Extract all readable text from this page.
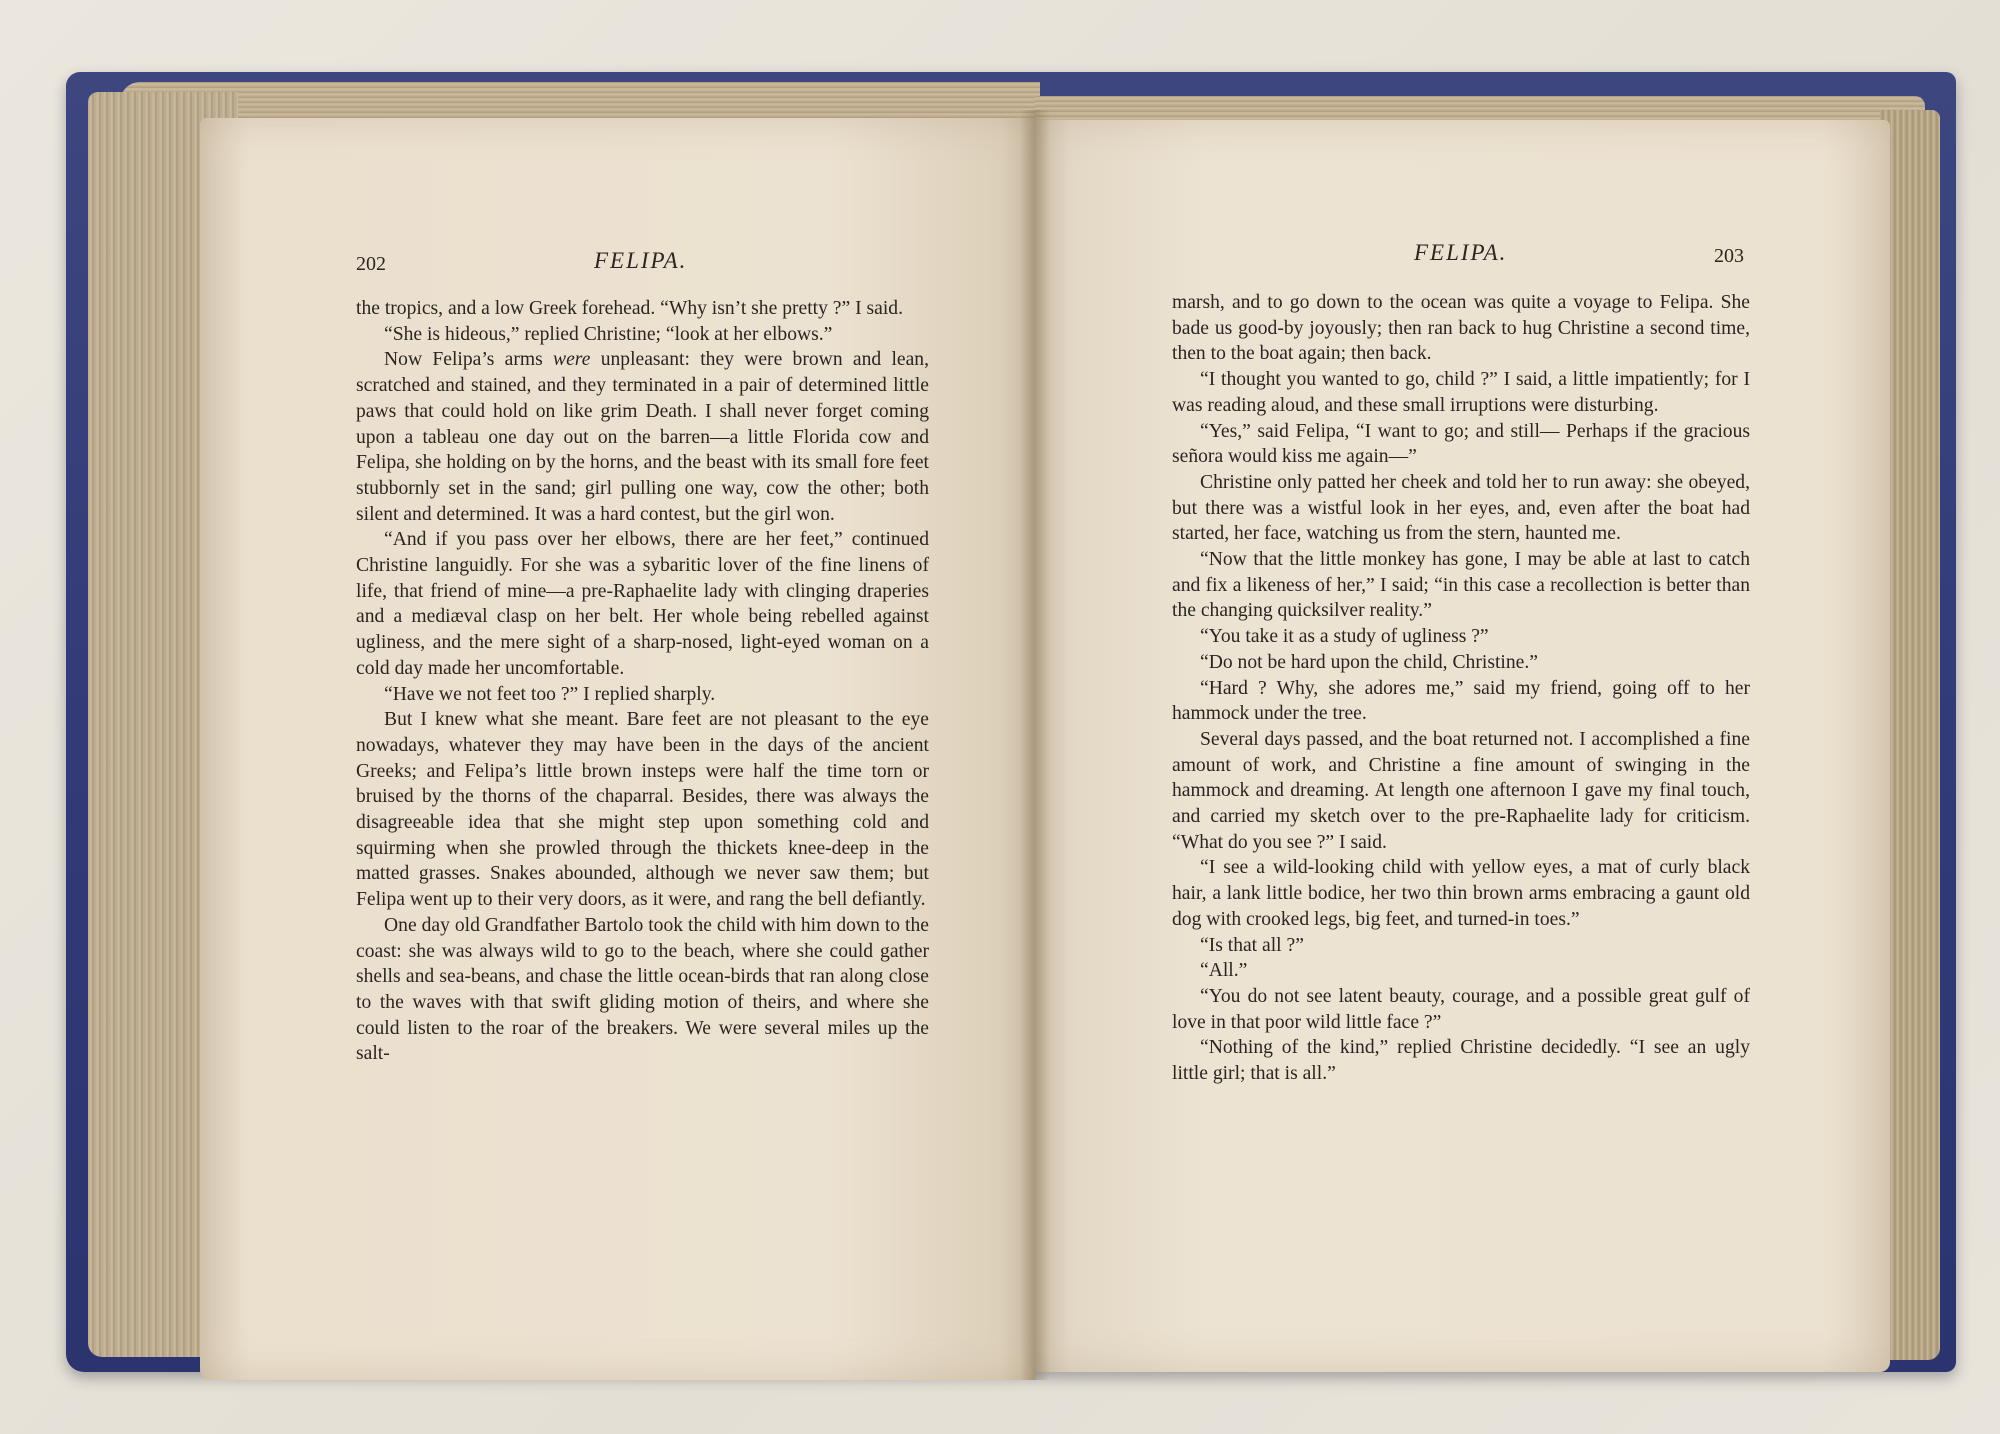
202	FELIPA.	FELIPA.	203

the tropics, and a low Greek forehead. “Why isn’t she pretty ?” I said.

“She is hideous,” replied Christine; “look at her elbows.”

Now Felipa’s arms were unpleasant: they were brown and lean, scratched and stained, and they terminated in a pair of determined little paws that could hold on like grim Death. I shall never forget coming upon a tableau one day out on the barren—a little Florida cow and Felipa, she holding on by the horns, and the beast with its small fore feet stubbornly set in the sand; girl pulling one way, cow the other; both silent and determined. It was a hard contest, but the girl won.

“And if you pass over her elbows, there are her feet,” continued Christine languidly. For she was a sybaritic lover of the fine linens of life, that friend of mine—a pre-Raphaelite lady with clinging draperies and a mediæval clasp on her belt. Her whole being rebelled against ugliness, and the mere sight of a sharp-nosed, light-eyed woman on a cold day made her uncomfortable.

“Have we not feet too ?” I replied sharply.

But I knew what she meant. Bare feet are not pleasant to the eye nowadays, whatever they may have been in the days of the ancient Greeks; and Felipa’s little brown insteps were half the time torn or bruised by the thorns of the chaparral. Besides, there was always the disagreeable idea that she might step upon something cold and squirming when she prowled through the thickets knee-deep in the matted grasses. Snakes abounded, although we never saw them; but Felipa went up to their very doors, as it were, and rang the bell defiantly.

One day old Grandfather Bartolo took the child with him down to the coast: she was always wild to go to the beach, where she could gather shells and sea-beans, and chase the little ocean-birds that ran along close to the waves with that swift gliding motion of theirs, and where she could listen to the roar of the breakers. We were several miles up the salt-

marsh, and to go down to the ocean was quite a voyage to Felipa. She bade us good-by joyously; then ran back to hug Christine a second time, then to the boat again; then back.

“I thought you wanted to go, child ?” I said, a little impatiently; for I was reading aloud, and these small irruptions were disturbing.

“Yes,” said Felipa, “I want to go; and still— Perhaps if the gracious señora would kiss me again—”

Christine only patted her cheek and told her to run away: she obeyed, but there was a wistful look in her eyes, and, even after the boat had started, her face, watching us from the stern, haunted me.

“Now that the little monkey has gone, I may be able at last to catch and fix a likeness of her,” I said; “in this case a recollection is better than the changing quicksilver reality.”

“You take it as a study of ugliness ?”

“Do not be hard upon the child, Christine.”

“Hard ? Why, she adores me,” said my friend, going off to her hammock under the tree.

Several days passed, and the boat returned not. I accomplished a fine amount of work, and Christine a fine amount of swinging in the hammock and dreaming. At length one afternoon I gave my final touch, and carried my sketch over to the pre-Raphaelite lady for criticism. “What do you see ?” I said.

“I see a wild-looking child with yellow eyes, a mat of curly black hair, a lank little bodice, her two thin brown arms embracing a gaunt old dog with crooked legs, big feet, and turned-in toes.”

“Is that all ?”

“All.”

“You do not see latent beauty, courage, and a possible great gulf of love in that poor wild little face ?”

“Nothing of the kind,” replied Christine decidedly. “I see an ugly little girl; that is all.”
